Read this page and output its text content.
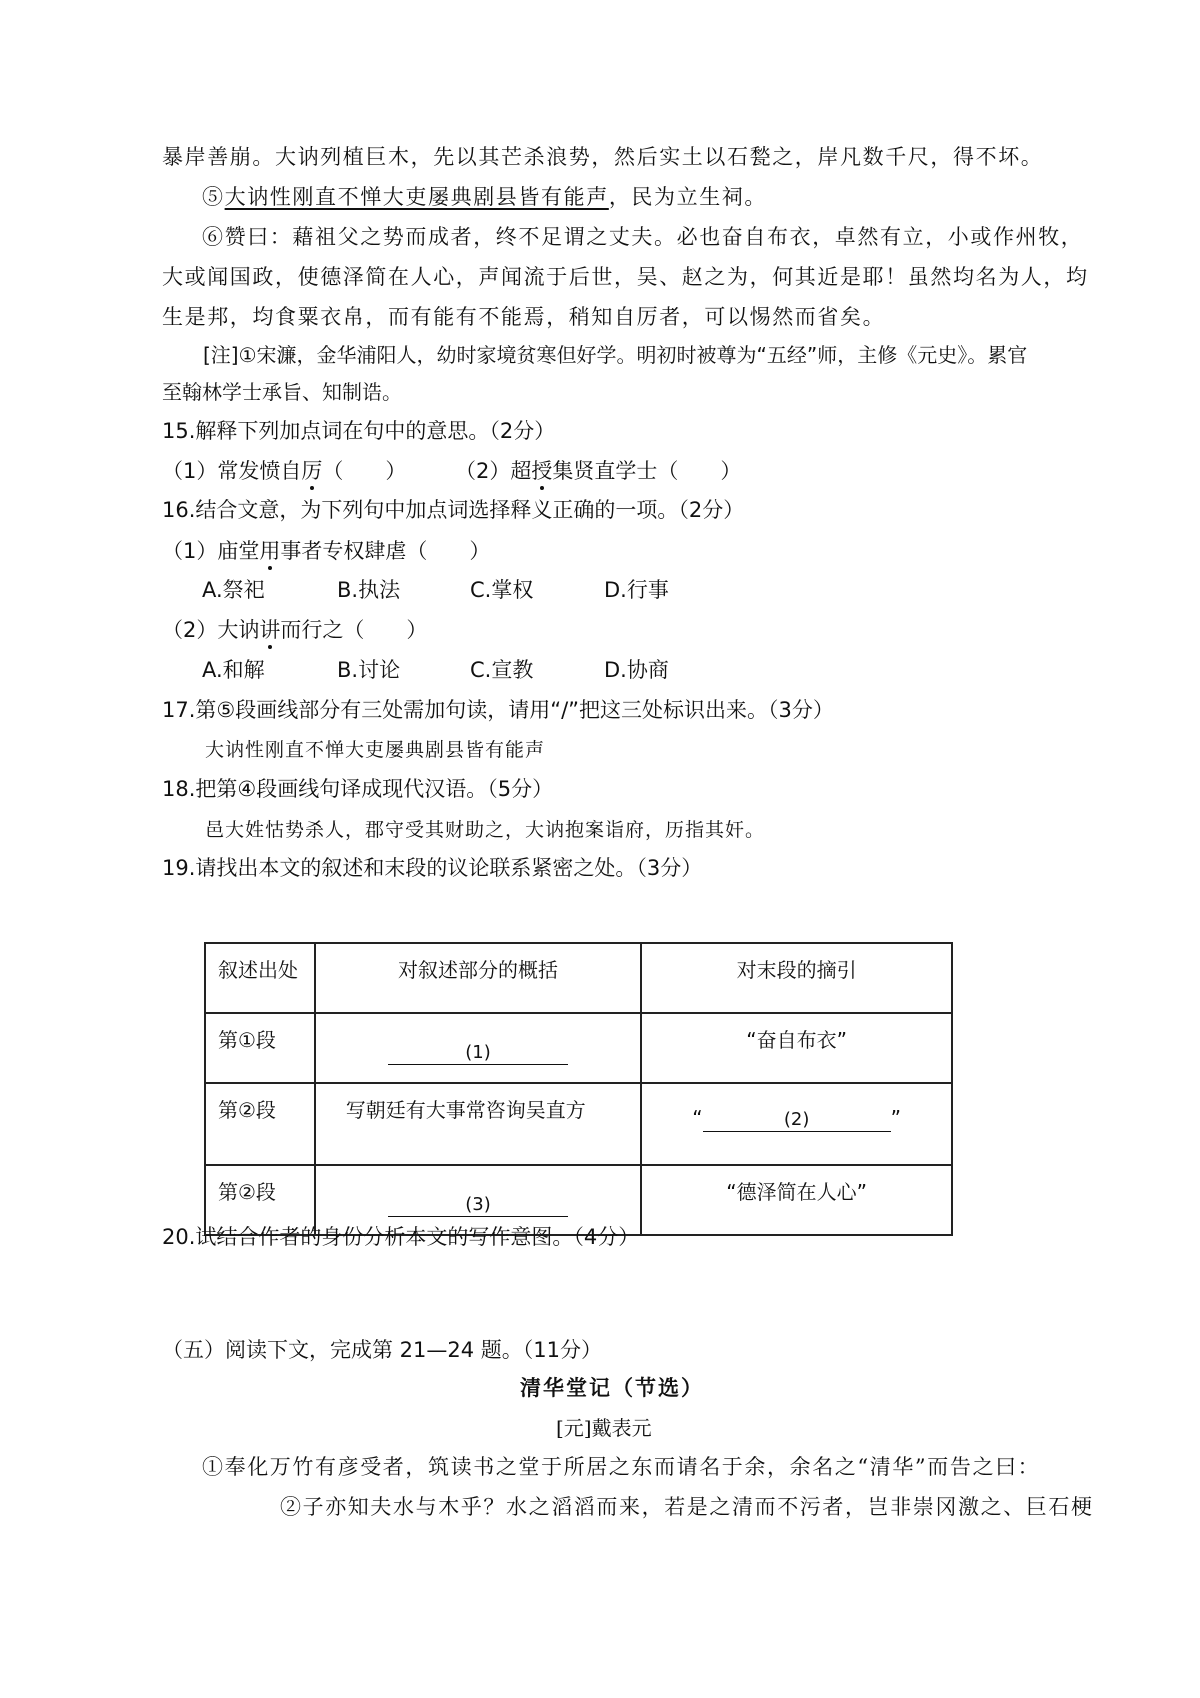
暴岸善崩。大讷列植巨木，先以其芒杀浪势，然后实土以石甃之，岸凡数千尺，得不坏。
⑤大讷性刚直不惮大吏屡典剧县皆有能声，民为立生祠。
⑥赞曰：藉祖父之势而成者，终不足谓之丈夫。必也奋自布衣，卓然有立，小或作州牧，
大或闻国政，使德泽简在人心，声闻流于后世，吴、赵之为，何其近是耶！虽然均名为人，均
生是邦，均食粟衣帛，而有能有不能焉，稍知自厉者，可以惕然而省矣。
[注]①宋濂，金华浦阳人，幼时家境贫寒但好学。明初时被尊为“五经”师，主修《元史》。累官
至翰林学士承旨、知制诰。
15.解释下列加点词在句中的意思。（2分）
（1）常发愤自厉（　　） （2）超授集贤直学士（　　）
16.结合文意，为下列句中加点词选择释义正确的一项。（2分）
（1）庙堂用事者专权肆虐（　　）
A.祭祀	B.执法	C.掌权	D.行事
（2）大讷讲而行之（　　）
A.和解	B.讨论	C.宣教	D.协商
17.第⑤段画线部分有三处需加句读，请用“/”把这三处标识出来。（3分）
大讷性刚直不惮大吏屡典剧县皆有能声
18.把第④段画线句译成现代汉语。（5分）
邑大姓怙势杀人，郡守受其财助之，大讷抱案诣府，历指其奸。
19.请找出本文的叙述和末段的议论联系紧密之处。（3分）
叙述出处	对叙述部分的概括	对末段的摘引
第①段	(1)	“奋自布衣”
第②段	写朝廷有大事常咨询吴直方	“ (2) ”
第②段	(3)	“德泽简在人心”
20.试结合作者的身份分析本文的写作意图。（4分）
（五）阅读下文，完成第 21—24 题。（11分）
清华堂记（节选）
[元]戴表元
①奉化万竹有彦受者，筑读书之堂于所居之东而请名于余，余名之“清华”而告之曰：
②子亦知夫水与木乎？水之滔滔而来，若是之清而不污者，岂非崇冈激之、巨石梗
